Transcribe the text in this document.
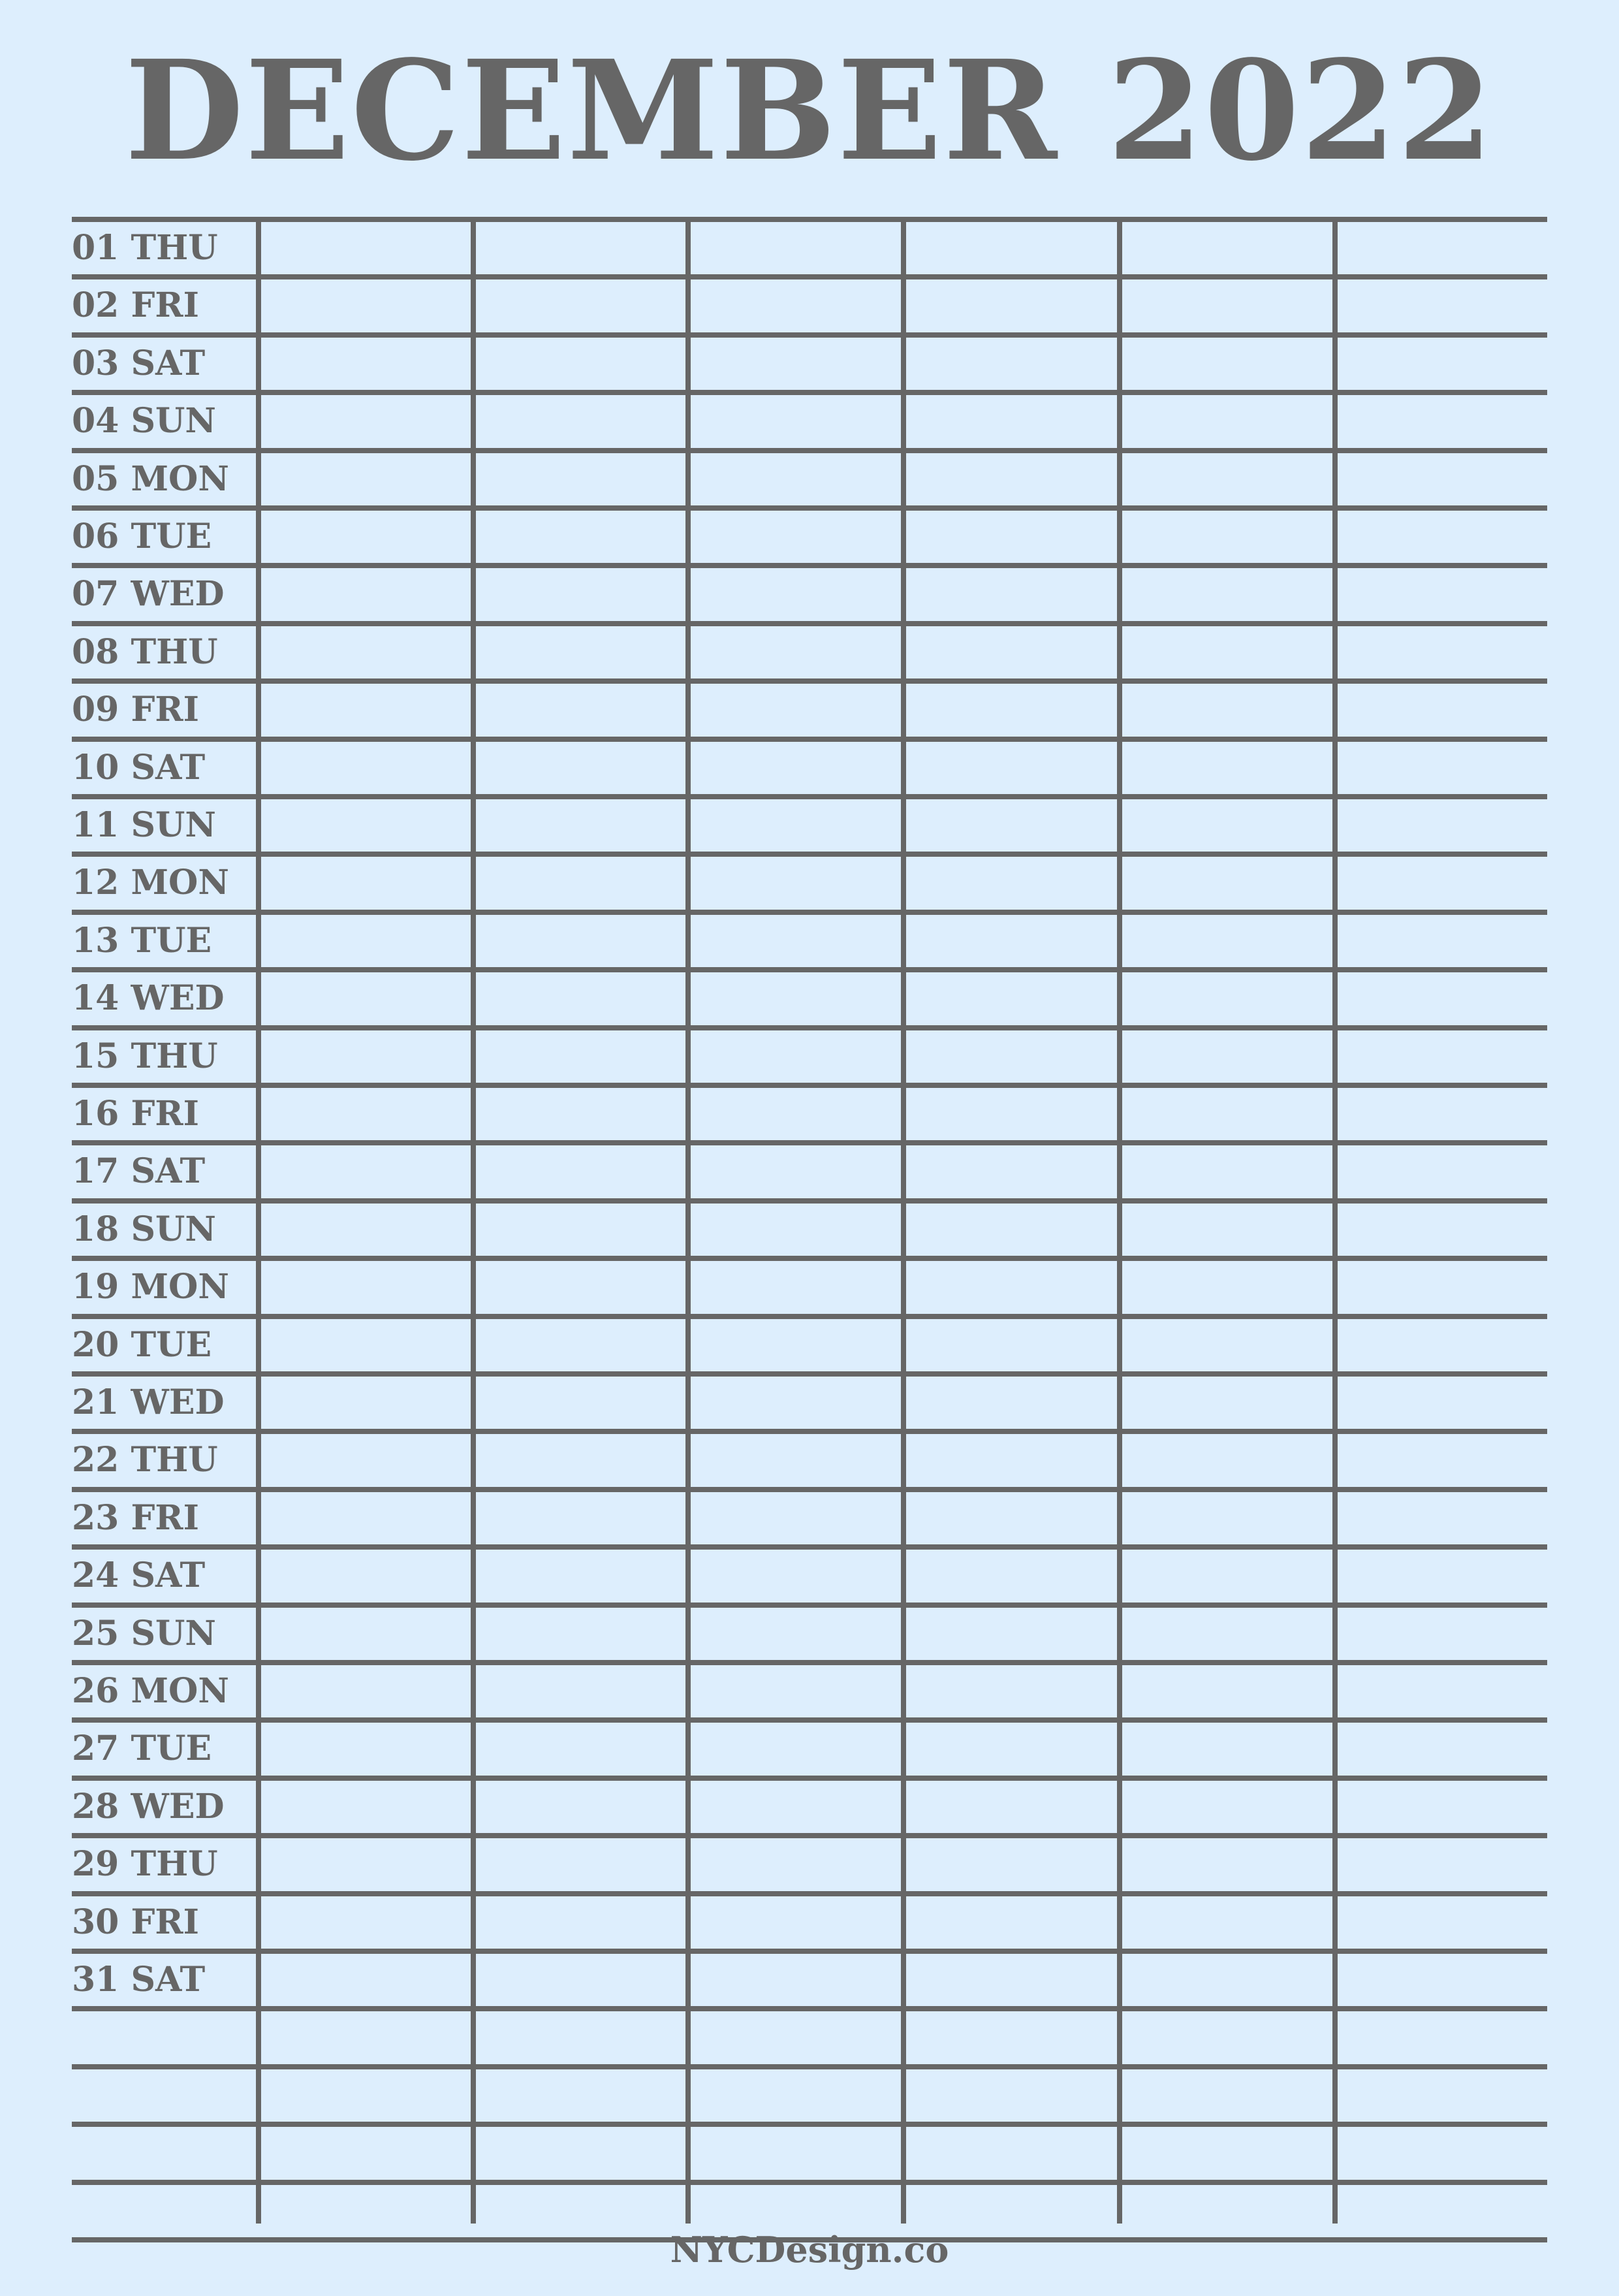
DECEMBER 2022
01 THU
02 FRI
03 SAT
04 SUN
05 MON
06 TUE
07 WED
08 THU
09 FRI
10 SAT
11 SUN
12 MON
13 TUE
14 WED
15 THU
16 FRI
17 SAT
18 SUN
19 MON
20 TUE
21 WED
22 THU
23 FRI
24 SAT
25 SUN
26 MON
27 TUE
28 WED
29 THU
30 FRI
31 SAT
NYCDesign.co
